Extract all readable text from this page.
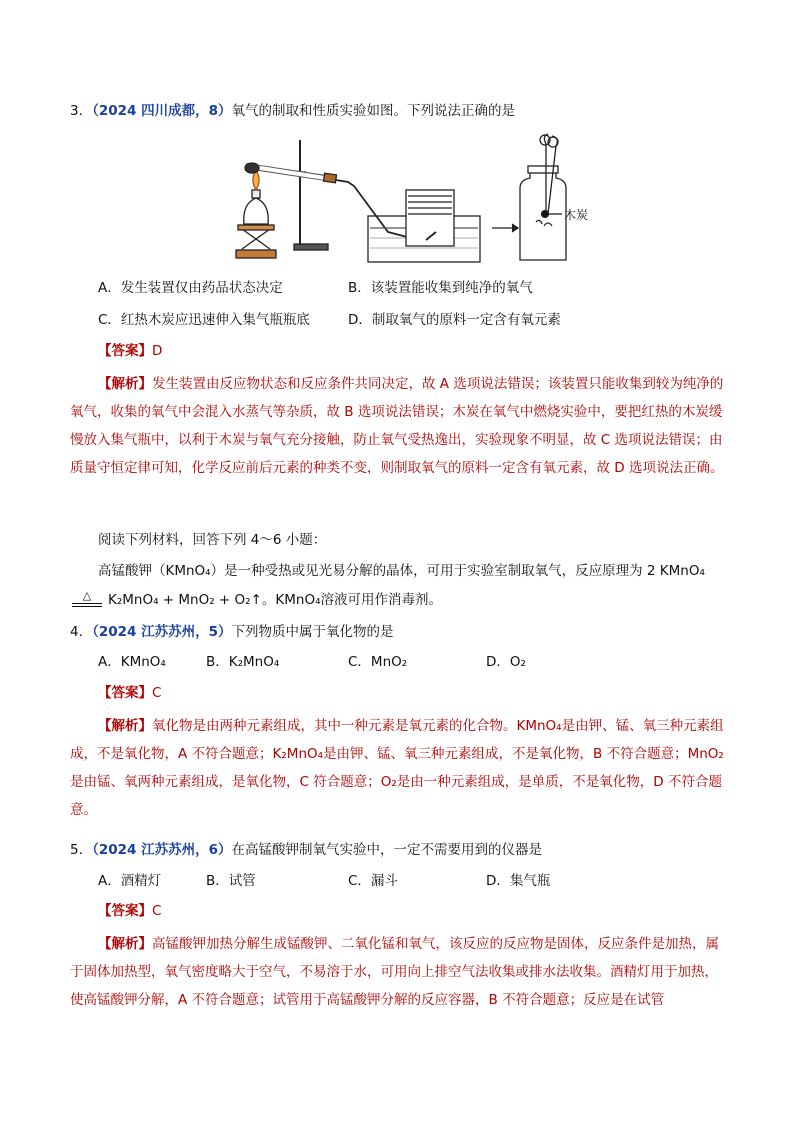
3．（2024 四川成都，8）氧气的制取和性质实验如图。下列说法正确的是
木炭
A．发生装置仅由药品状态决定	B．该装置能收集到纯净的氧气
C．红热木炭应迅速伸入集气瓶瓶底	D．制取氧气的原料一定含有氧元素
【答案】D
【解析】发生装置由反应物状态和反应条件共同决定，故 A 选项说法错误；该装置只能收集到较为纯净的氧气，收集的氧气中会混入水蒸气等杂质，故 B 选项说法错误；木炭在氧气中燃烧实验中，要把红热的木炭缓慢放入集气瓶中，以利于木炭与氧气充分接触，防止氧气受热逸出，实验现象不明显，故 C 选项说法错误；由质量守恒定律可知，化学反应前后元素的种类不变，则制取氧气的原料一定含有氧元素，故 D 选项说法正确。
阅读下列材料，回答下列 4～6 小题：
高锰酸钾（KMnO₄）是一种受热或见光易分解的晶体，可用于实验室制取氧气，反应原理为 2 KMnO₄
△ K₂MnO₄ + MnO₂ + O₂↑。KMnO₄溶液可用作消毒剂。
4．（2024 江苏苏州，5）下列物质中属于氧化物的是
A．KMnO₄	B．K₂MnO₄	C．MnO₂	D．O₂
【答案】C
【解析】氧化物是由两种元素组成，其中一种元素是氧元素的化合物。KMnO₄是由钾、锰、氧三种元素组成，不是氧化物，A 不符合题意；K₂MnO₄是由钾、锰、氧三种元素组成，不是氧化物，B 不符合题意；MnO₂是由锰、氧两种元素组成，是氧化物，C 符合题意；O₂是由一种元素组成，是单质，不是氧化物，D 不符合题意。
5．（2024 江苏苏州，6）在高锰酸钾制氧气实验中，一定不需要用到的仪器是
A．酒精灯	B．试管	C．漏斗	D．集气瓶
【答案】C
【解析】高锰酸钾加热分解生成锰酸钾、二氧化锰和氧气，该反应的反应物是固体，反应条件是加热，属于固体加热型，氧气密度略大于空气，不易溶于水，可用向上排空气法收集或排水法收集。酒精灯用于加热，使高锰酸钾分解，A 不符合题意；试管用于高锰酸钾分解的反应容器，B 不符合题意；反应是在试管
